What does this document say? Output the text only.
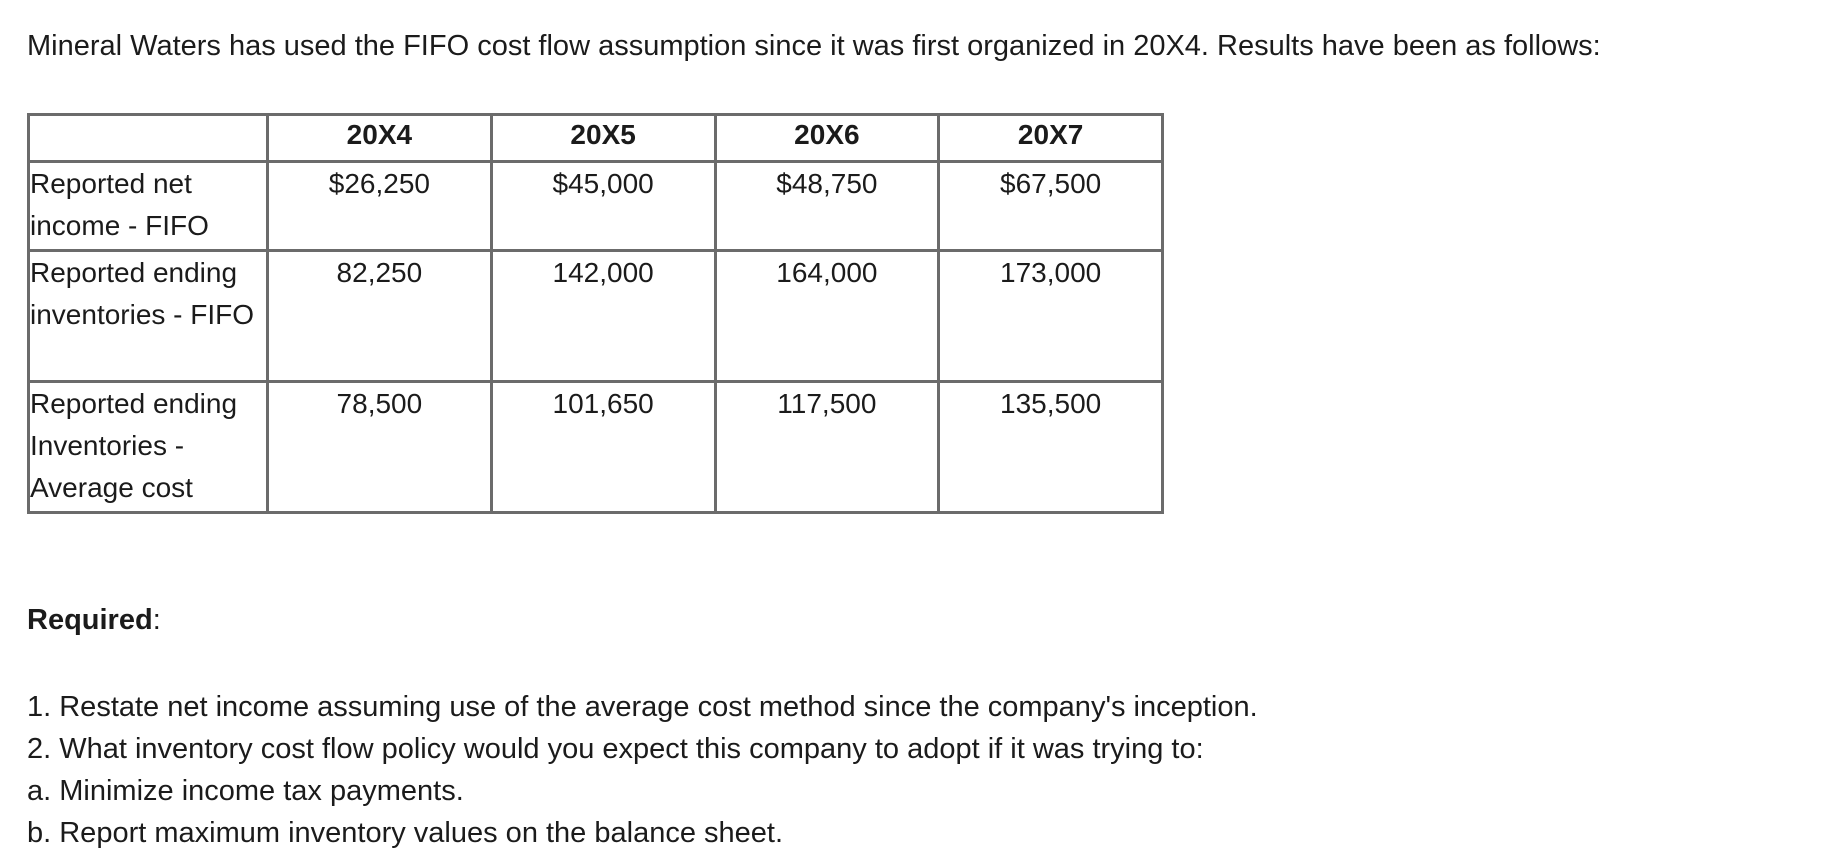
Mineral Waters has used the FIFO cost flow assumption since it was first organized in 20X4. Results have been as follows:
	20X4	20X5	20X6	20X7
Reported net income - FIFO	$26,250	$45,000	$48,750	$67,500
Reported ending inventories - FIFO	82,250	142,000	164,000	173,000
Reported ending Inventories - Average cost	78,500	101,650	117,500	135,500
Required:
1. Restate net income assuming use of the average cost method since the company's inception.
2. What inventory cost flow policy would you expect this company to adopt if it was trying to:
a. Minimize income tax payments.
b. Report maximum inventory values on the balance sheet.
